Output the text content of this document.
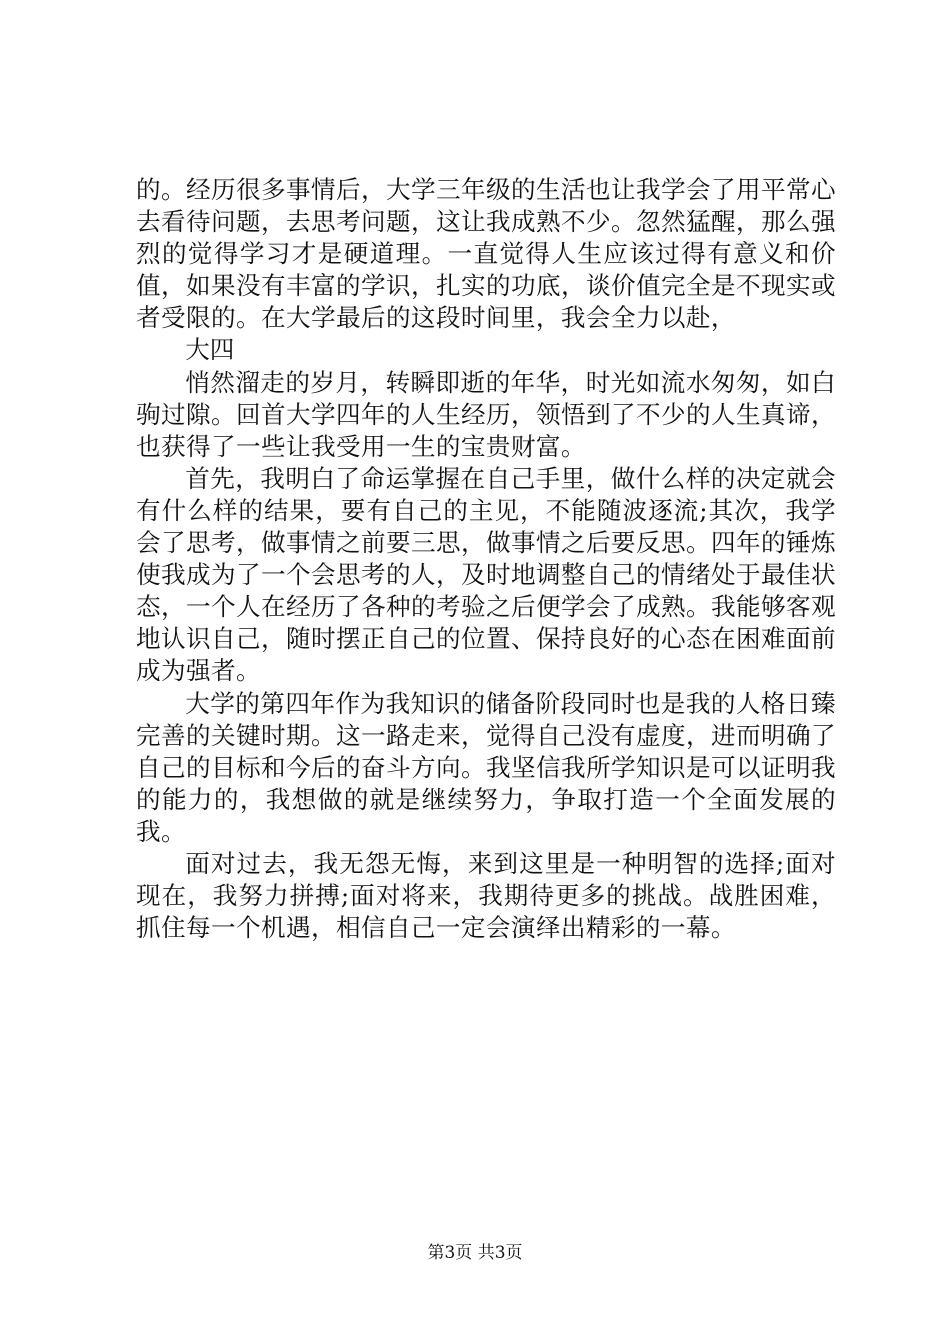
的。经历很多事情后，大学三年级的生活也让我学会了用平常心去看待问题，去思考问题，这让我成熟不少。忽然猛醒，那么强烈的觉得学习才是硬道理。一直觉得人生应该过得有意义和价值，如果没有丰富的学识，扎实的功底，谈价值完全是不现实或者受限的。在大学最后的这段时间里，我会全力以赴，

大四

悄然溜走的岁月，转瞬即逝的年华，时光如流水匆匆，如白驹过隙。回首大学四年的人生经历，领悟到了不少的人生真谛，也获得了一些让我受用一生的宝贵财富。

首先，我明白了命运掌握在自己手里，做什么样的决定就会有什么样的结果，要有自己的主见，不能随波逐流;其次，我学会了思考，做事情之前要三思，做事情之后要反思。四年的锤炼使我成为了一个会思考的人，及时地调整自己的情绪处于最佳状态，一个人在经历了各种的考验之后便学会了成熟。我能够客观地认识自己，随时摆正自己的位置、保持良好的心态在困难面前成为强者。

大学的第四年作为我知识的储备阶段同时也是我的人格日臻完善的关键时期。这一路走来，觉得自己没有虚度，进而明确了自己的目标和今后的奋斗方向。我坚信我所学知识是可以证明我的能力的，我想做的就是继续努力，争取打造一个全面发展的我。

面对过去，我无怨无悔，来到这里是一种明智的选择;面对现在，我努力拼搏;面对将来，我期待更多的挑战。战胜困难，抓住每一个机遇，相信自己一定会演绎出精彩的一幕。

第3页 共3页
